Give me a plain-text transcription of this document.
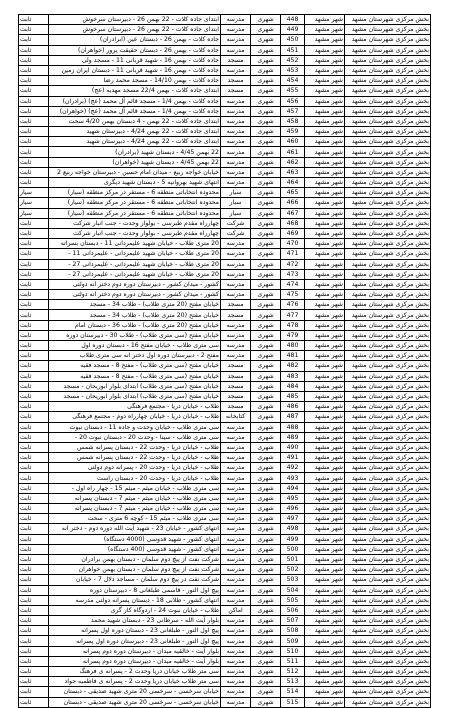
بخش مرکزی شهرستان مشهد	شهر مشهد	448	شهری	مدرسه	ابتدای جاده کلات - 22 بهمن 26 - دبیرستان سرخوش	ثابت
بخش مرکزی شهرستان مشهد	شهر مشهد	449	شهری	مدرسه	ابتدای جاده کلات - 22 بهمن 26 - دبیرستان سرخوش	ثابت
بخش مرکزی شهرستان مشهد	شهر مشهد	450	شهری	مدرسه	جاده کلات - بهمن 26 - دبستان عین (ابرادران)	ثابت
بخش مرکزی شهرستان مشهد	شهر مشهد	451	شهری	مدرسه	جاده کلات - بهمن 26 - دبستان حقیقت پرور (خواهران)	ثابت
بخش مرکزی شهرستان مشهد	شهر مشهد	452	شهری	مسجد	جاده کلات - بهمن 16 - شهید قربانی 11 - مسجد ولی	ثابت
بخش مرکزی شهرستان مشهد	شهر مشهد	453	شهری	مدرسه	جاده کلات - بهمن 16 - شهید قربانی 11 - دبستان ایران زمین	ثابت
بخش مرکزی شهرستان مشهد	شهر مشهد	454	شهری	مسجد	جاده کلات - بهمن 14/10 - مسجد محمد رضا	ثابت
بخش مرکزی شهرستان مشهد	شهر مشهد	455	شهری	مسجد	ابتدای جاده کلات - بهمن 22/4 مسجد مهدیه (عج)	ثابت
بخش مرکزی شهرستان مشهد	شهر مشهد	456	شهری	مدرسه	جاده کلات - بهمن 1/4 - مسجد قائم آل محمد (عج) (برادران)	ثابت
بخش مرکزی شهرستان مشهد	شهر مشهد	457	شهری	مدرسه	جاده کلات - بهمن 1/4 - مسجد قائم آل محمد (عج) (خواهران)	ثابت
بخش مرکزی شهرستان مشهد	شهر مشهد	458	شهری	مدرسه	ابتدای جاده کلات - 22 بهمن - 4 دبستان بهمن 4/20 سحت	ثابت
بخش مرکزی شهرستان مشهد	شهر مشهد	459	شهری	مدرسه	ابتدای جاده کلات - 22 بهمن 4/24 - دبیرستان شهید	ثابت
بخش مرکزی شهرستان مشهد	شهر مشهد	460	شهری	مدرسه	ابتدای جاده کلات - 22 بهمن 4/24 - دبیرستان شهید	ثابت
بخش مرکزی شهرستان مشهد	شهر مشهد	461	شهری	مدرسه	22 بهمن 4/45 - دبستان شهید (برادران)	ثابت
بخش مرکزی شهرستان مشهد	شهر مشهد	462	شهری	مدرسه	22 بهمن 4/45 - دبستان شهید (خواهران)	ثابت
بخش مرکزی شهرستان مشهد	شهر مشهد	463	شهری	مدرسه	خیابان خواجه ربیع - میدان امام حسین - دبیرستان خواجه ربیع 2	ثابت
بخش مرکزی شهرستان مشهد	شهر مشهد	464	شهری	مدرسه	انتهای شهید بهروانیه 5 - دبستان شهید دیگری	ثابت
بخش مرکزی شهرستان مشهد	شهر مشهد	465	شهری	سیار	محدوده انتخاباتی منطقه 6 - مستقر در مرکز منطقه (سیار)	سیار
بخش مرکزی شهرستان مشهد	شهر مشهد	466	شهری	سیار	محدوده انتخاباتی منطقه 6 - مستقر در مرکز منطقه (سیار)	سیار
بخش مرکزی شهرستان مشهد	شهر مشهد	467	شهری	سیار	محدوده انتخاباتی منطقه 6 - مستقر در مرکز منطقه (سیار)	سیار
بخش مرکزی شهرستان مشهد	شهر مشهد	468	شهری	شرکت	چهارراه مقدم طبرسی - بولوار وحدت - جنب انبار شرکت	ثابت
بخش مرکزی شهرستان مشهد	شهر مشهد	469	شهری	شرکت	چهارراه مقدم طبرسی - بولوار وحدت - جنب انبار شرکت	ثابت
بخش مرکزی شهرستان مشهد	شهر مشهد	470	شهری	مدرسه	20 متری طلاب - خیابان شهید علیمردانی 11 - دبستان بسراته	ثابت
بخش مرکزی شهرستان مشهد	شهر مشهد	471	شهری	مدرسه	20 متری طلاب - خیابان شهید علیمردانی - علیمردانی 11 -	ثابت
بخش مرکزی شهرستان مشهد	شهر مشهد	472	شهری	مدرسه	20 متری طلاب - خیابان شهید علیمردانی - علیمردانی 27 -	ثابت
بخش مرکزی شهرستان مشهد	شهر مشهد	473	شهری	مدرسه	20 متری طلاب - خیابان شهید علیمردانی - علیمردانی 27 -	ثابت
بخش مرکزی شهرستان مشهد	شهر مشهد	474	شهری	مدرسه	کشور - میدان کشور - دبیرستان دوره دوم دختر انه دولتی	ثابت
بخش مرکزی شهرستان مشهد	شهر مشهد	475	شهری	مدرسه	کشور - میدان کشور - دبیرستان دوره دوم دختر انه دولتی	ثابت
بخش مرکزی شهرستان مشهد	شهر مشهد	476	شهری	مسجد	خیابان مفتح (20 متری طلاب) - طلاب 34 - مسجد	ثابت
بخش مرکزی شهرستان مشهد	شهر مشهد	477	شهری	مسجد	خیابان مفتح (20 متری طلاب) - طلاب 34 - مسجد	ثابت
بخش مرکزی شهرستان مشهد	شهر مشهد	478	شهری	مدرسه	خیابان مفتح (20 متری طلاب) - طلاب 36 - دبستان امام	ثابت
بخش مرکزی شهرستان مشهد	شهر مشهد	479	شهری	مدرسه	خیابان مفتح (سی متری طلاب) - طلاب 30 - دبیرستان دوره	ثابت
بخش مرکزی شهرستان مشهد	شهر مشهد	480	شهری	مدرسه	سی متری طلاب - خیابان مفتح 16 - دبستان دوره اول	ثابت
بخش مرکزی شهرستان مشهد	شهر مشهد	481	شهری	مدرسه	مفتح 2 - دبیرستان دوره اول دختر انه سی متری طلاب	ثابت
بخش مرکزی شهرستان مشهد	شهر مشهد	482	شهری	مسجد	خیابان مفتح (سی متری طلاب) - مفتح 8 - مسجد فقیه	ثابت
بخش مرکزی شهرستان مشهد	شهر مشهد	483	شهری	مسجد	خیابان مفتح (سی متری طلاب) - مفتح 8 - مسجد فقیه	ثابت
بخش مرکزی شهرستان مشهد	شهر مشهد	484	شهری	مسجد	خیابان مفتح (سی متری طلاب) ابتدای بلوار ابوریحان - مسجد	ثابت
بخش مرکزی شهرستان مشهد	شهر مشهد	485	شهری	مسجد	خیابان مفتح (سی متری طلاب) ابتدای بلوار ابوریحان - مسجد	ثابت
بخش مرکزی شهرستان مشهد	شهر مشهد	486	شهری	مسجد	طلاب - خیابان دریا - مجتمع فرهنگی	ثابت
بخش مرکزی شهرستان مشهد	شهر مشهد	487	شهری	کتابخانه	طلاب - خیابان دریا - خیابان چهارراه دوم - مجتمع فرهنگی	ثابت
بخش مرکزی شهرستان مشهد	شهر مشهد	488	شهری	مدرسه	سی متری طلاب - خیابان وحدت و جاده 11 - دبستان نبوت	ثابت
بخش مرکزی شهرستان مشهد	شهر مشهد	489	شهری	مدرسه	سی متری طلاب - سینا - وحدت 20 - دبستان نبوت 20 -	ثابت
بخش مرکزی شهرستان مشهد	شهر مشهد	490	شهری	مدرسه	طلاب - خیابان دریا - وحدت 22 - دبستان پسرانه شمس	ثابت
بخش مرکزی شهرستان مشهد	شهر مشهد	491	شهری	مدرسه	طلاب - خیابان دریا - وحدت 22 - دبستان پسرانه شمس	ثابت
بخش مرکزی شهرستان مشهد	شهر مشهد	492	شهری	مدرسه	طلاب - خیابان دریا - وحدت 20 - پسرانه دوم دولتی	ثابت
بخش مرکزی شهرستان مشهد	شهر مشهد	493	شهری	مدرسه	طلاب - خیابان دریا - وحدت 20 - دبستان راست	ثابت
بخش مرکزی شهرستان مشهد	شهر مشهد	494	شهری	مدرسه	سی متری طلاب - خیابان میثم - میثم 15 - چهار راه اول -	ثابت
بخش مرکزی شهرستان مشهد	شهر مشهد	495	شهری	مدرسه	سی متری طلاب - خیابان میثم - میثم 7 - دبستان پسرانه	ثابت
بخش مرکزی شهرستان مشهد	شهر مشهد	496	شهری	مدرسه	سی متری طلاب - خیابان میثم - میثم 7 - دبستان پسرانه	ثابت
بخش مرکزی شهرستان مشهد	شهر مشهد	497	شهری	مدرسه	سی متری طلاب - میثم 15 - کوچه 6 متری - سحت	ثابت
بخش مرکزی شهرستان مشهد	شهر مشهد	498	شهری	مدرسه	انتهای کشور - خیابان 23 - شهید آیت الله دوره دوم - دختر انه	ثابت
بخش مرکزی شهرستان مشهد	شهر مشهد	499	شهری	مدرسه	انتهای کشور - شهید قدوسی (4000 دستگاه)	ثابت
بخش مرکزی شهرستان مشهد	شهر مشهد	500	شهری	مدرسه	انتهای کشور - شهید قدوسی (400 دستگاه)	ثابت
بخش مرکزی شهرستان مشهد	شهر مشهد	501	شهری	مدرسه	شرکت نفت از پیچ دوم سلمان - دبستان بهمن برادران	ثابت
بخش مرکزی شهرستان مشهد	شهر مشهد	502	شهری	مدرسه	شرکت نفت از پیچ دوم سلمان - دبستان بهمن خواهران	ثابت
بخش مرکزی شهرستان مشهد	شهر مشهد	503	شهری	مدرسه	شرکت نفت در پیچ دوم سلمان - مساجد دلال 7 - خیابان	ثابت
بخش مرکزی شهرستان مشهد	شهر مشهد	504	شهری	مدرسه	پیچ اول التور - قاسمی طبلغانی 8 - دبیرستان دوره	ثابت
بخش مرکزی شهرستان مشهد	شهر مشهد	505	شهری	مدرسه	انتهای کشور - طلابی 18 - دبستان پسرانه دولتی مدرسه	ثابت
بخش مرکزی شهرستان مشهد	شهر مشهد	506	شهری	اماکن	طلاب - خیابان نبوت 24 - اردوگاه کار گری	ثابت
بخش مرکزی شهرستان مشهد	شهر مشهد	507	شهری	مدرسه	بلوار آیت الله - سرطانی 23 - دبستان شهید محمد	ثابت
بخش مرکزی شهرستان مشهد	شهر مشهد	508	شهری	مدرسه	پیچ اول التور - طبلغانی 23 - دبستان دوره اول پسرانه	ثابت
بخش مرکزی شهرستان مشهد	شهر مشهد	509	شهری	مدرسه	پیچ اول التور - طبلغانی 23 - دبیرستان دوره اول پسرانه	ثابت
بخش مرکزی شهرستان مشهد	شهر مشهد	510	شهری	مدرسه	بلوار آیت - خالقیه میدان - دبیرستان دوره دوم پسرانه	ثابت
بخش مرکزی شهرستان مشهد	شهر مشهد	511	شهری	مدرسه	بلوار آیت - خالقیه میدان - دبیرستان دوره دوم پسرانه	ثابت
بخش مرکزی شهرستان مشهد	شهر مشهد	512	شهری	مدرسه	سی متر طلاب خیابان دریا وحدت 2 - پسرانه ی فرهنگ	ثابت
بخش مرکزی شهرستان مشهد	شهر مشهد	513	شهری	مدرسه	سی متر طلاب خیابان دریا وحدت 2 - پسرانه ی فاطمیه جواد	ثابت
بخش مرکزی شهرستان مشهد	شهر مشهد	514	شهری	مدرسه	خیابان سرخسی - سرخسی 20 متری شهید صدیقی - دبستان	ثابت
بخش مرکزی شهرستان مشهد	شهر مشهد	515	شهری	مدرسه	خیابان سرخسی - سرخسی 20 متری شهید صدیقی - دبستان	ثابت
